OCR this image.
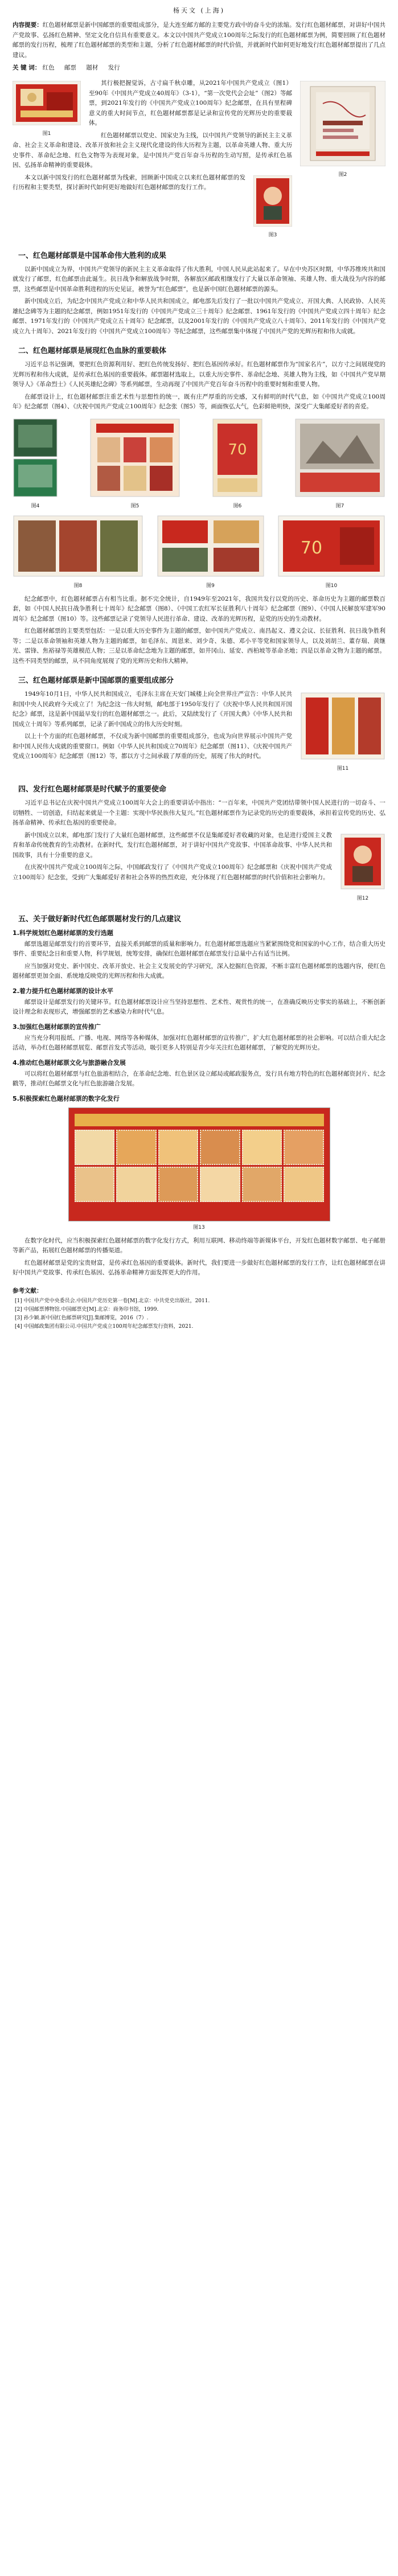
杨天文 (上海)

内容提要：红色题材邮票是新中国邮票的重要组成部分，是大连至邮方邮的主要党方政中的奋斗史的浓缩。发行红色题材邮票，对讲好中国共产党故事、弘扬红色精神、坚定文化自信具有重要意义。本文以中国共产党成立100周年之际发行的红色题材邮票为例，简要回顾了红色题材邮票的发行历程，梳理了红色题材邮票的类型和主题，分析了红色题材邮票的时代价值，并就新时代如何更好地发行红色题材邮票提出了几点建议。

关 键 词： 红色 邮票 题材 发行
图1
图2

其行极把握觉诉，古寸扁千秋卓雕，从2021年中国共产党成立（图1）至90年《中国共产党成立40周年》（3-1），“第一次党代会会址”（图2）等邮票，到2021年发行的《中国共产党成立100周年》纪念邮票，在具有里程碑意义的重大时间节点，红色题材邮票都是记录和宣传党的光辉历史的重要载体。

红色题材邮票以党史、国家史为主线，以中国共产党领导的新民主主义革命、社会主义革命和建设、改革开放和社会主义现代化建设的伟大历程为主题，以革命英雄人物、重大历史事件、革命纪念地、红色文物等为表现对象，是中国共产党百年奋斗历程的生动写照，是传承红色基因、弘扬革命精神的重要载体。

图3

本文以新中国发行的红色题材邮票为线索，回顾新中国成立以来红色题材邮票的发行历程和主要类型，探讨新时代如何更好地做好红色题材邮票的发行工作。

一、红色题材邮票是中国革命伟大胜利的成果

以新中国成立为界，中国共产党领导的新民主主义革命取得了伟大胜利，中国人民从此站起来了。早在中央苏区时期，中华苏维埃共和国就发行了邮票，红色邮票由此诞生。抗日战争和解放战争时期，各解放区邮政相继发行了大量以革命领袖、英雄人物、重大战役为内容的邮票，这些邮票是中国革命胜利进程的历史见证，被誉为“红色邮票”，也是新中国红色题材邮票的源头。

新中国成立后，为纪念中国共产党成立和中华人民共和国成立，邮电部先后发行了一批以中国共产党成立、开国大典、人民政协、人民英雄纪念碑等为主题的纪念邮票，例如1951年发行的《中国共产党成立三十周年》纪念邮票、1961年发行的《中国共产党成立四十周年》纪念邮票、1971年发行的《中国共产党成立五十周年》纪念邮票，以及2001年发行的《中国共产党成立八十周年》、2011年发行的《中国共产党成立九十周年》、2021年发行的《中国共产党成立100周年》等纪念邮票，这些邮票集中体现了中国共产党的光辉历程和伟大成就。

二、红色题材邮票是展现红色血脉的重要载体

习近平总书记强调，要把红色资源利用好、把红色传统发扬好、把红色基因传承好。红色题材邮票作为“国家名片”，以方寸之间展现党的光辉历程和伟大成就，是传承红色基因的重要载体。邮票题材选取上，以重大历史事件、革命纪念地、英雄人物为主线，如《中国共产党早期领导人》《革命烈士》《人民英雄纪念碑》等系列邮票，生动再现了中国共产党百年奋斗历程中的重要时刻和重要人物。

在邮票设计上，红色题材邮票注重艺术性与思想性的统一，既有庄严厚重的历史感，又有鲜明的时代气息，如《中国共产党成立100周年》纪念邮票（图4）、《庆祝中国共产党成立100周年》纪念张（图5）等，画面恢弘大气，色彩鲜艳明快，深受广大集邮爱好者的喜爱。

图4	图5
70
图6	图7
图8	图9
70
图10

纪念邮票中，红色题材邮票占有相当比重。据不完全统计，自1949年至2021年，我国共发行以党的历史、革命历史为主题的邮票数百套，如《中国人民抗日战争胜利七十周年》纪念邮票（图8）、《中国工农红军长征胜利八十周年》纪念邮票（图9）、《中国人民解放军建军90周年》纪念邮票（图10）等。这些邮票记录了党领导人民进行革命、建设、改革的光辉历程，是党的历史的生动教材。

红色题材邮票的主要类型包括：一是以重大历史事件为主题的邮票，如中国共产党成立、南昌起义、遵义会议、长征胜利、抗日战争胜利等；二是以革命领袖和英雄人物为主题的邮票，如毛泽东、周恩来、刘少奇、朱德、邓小平等党和国家领导人，以及刘胡兰、董存瑞、黄继光、雷锋、焦裕禄等英雄模范人物；三是以革命纪念地为主题的邮票，如井冈山、延安、西柏坡等革命圣地；四是以革命文物为主题的邮票。这些不同类型的邮票，从不同角度展现了党的光辉历史和伟大精神。

三、红色题材邮票是新中国邮票的重要组成部分
图11

1949年10月1日，中华人民共和国成立，毛泽东主席在天安门城楼上向全世界庄严宣告：中华人民共和国中央人民政府今天成立了！为纪念这一伟大时刻，邮电部于1950年发行了《庆祝中华人民共和国开国纪念》邮票，这是新中国最早发行的红色题材邮票之一。此后，又陆续发行了《开国大典》《中华人民共和国成立十周年》等系列邮票，记录了新中国成立的伟大历史时刻。

以上十个方面的红色题材邮票，不仅成为新中国邮票的重要组成部分，也成为向世界展示中国共产党和中国人民伟大成就的重要窗口。例如《中华人民共和国成立70周年》纪念邮票（图11）、《庆祝中国共产党成立100周年》纪念邮票（图12）等，都以方寸之间承载了厚重的历史，展现了伟大的时代。

四、发行红色题材邮票是时代赋予的重要使命

习近平总书记在庆祝中国共产党成立100周年大会上的重要讲话中指出：“一百年来，中国共产党团结带领中国人民进行的一切奋斗、一切牺牲、一切创造，归结起来就是一个主题：实现中华民族伟大复兴。”红色题材邮票作为记录党的历史的重要载体，承担着宣传党的历史、弘扬革命精神、传承红色基因的重要使命。

图12

新中国成立以来，邮电部门发行了大量红色题材邮票，这些邮票不仅是集邮爱好者收藏的对象，也是进行爱国主义教育和革命传统教育的生动教材。在新时代，发行红色题材邮票，对于讲好中国共产党故事、中国革命故事、中华人民共和国故事，具有十分重要的意义。

在庆祝中国共产党成立100周年之际，中国邮政发行了《中国共产党成立100周年》纪念邮票和《庆祝中国共产党成立100周年》纪念张，受到广大集邮爱好者和社会各界的热烈欢迎，充分体现了红色题材邮票的时代价值和社会影响力。

五、关于做好新时代红色邮票题材发行的几点建议
1.科学规划红色题材邮票的发行选题

邮票选题是邮票发行的首要环节，直接关系到邮票的质量和影响力。红色题材邮票选题应当紧紧围绕党和国家的中心工作，结合重大历史事件、重要纪念日和重要人物，科学规划，统筹安排，确保红色题材邮票在邮票发行总量中占有适当比例。

应当加强对党史、新中国史、改革开放史、社会主义发展史的学习研究，深入挖掘红色资源，不断丰富红色题材邮票的选题内容，使红色题材邮票更加全面、系统地反映党的光辉历程和伟大成就。

2.着力提升红色题材邮票的设计水平

邮票设计是邮票发行的关键环节。红色题材邮票设计应当坚持思想性、艺术性、观赏性的统一，在准确反映历史事实的基础上，不断创新设计理念和表现形式，增强邮票的艺术感染力和时代气息。

3.加强红色题材邮票的宣传推广

应当充分利用报纸、广播、电视、网络等各种媒体，加强对红色题材邮票的宣传推广，扩大红色题材邮票的社会影响。可以结合重大纪念活动，举办红色题材邮票展览、邮票首发式等活动，吸引更多人特别是青少年关注红色题材邮票，了解党的光辉历史。

4.推动红色题材邮票文化与旅游融合发展

可以将红色题材邮票与红色旅游相结合，在革命纪念地、红色景区设立邮局或邮政服务点，发行具有地方特色的红色题材邮资封片、纪念戳等，推动红色邮票文化与红色旅游融合发展。

5.积极探索红色题材邮票的数字化发行
图13

在数字化时代，应当积极探索红色题材邮票的数字化发行方式，利用互联网、移动终端等新媒体平台，开发红色题材数字邮票、电子邮册等新产品，拓展红色题材邮票的传播渠道。

红色题材邮票是党的宝贵财富，是传承红色基因的重要载体。新时代，我们要进一步做好红色题材邮票的发行工作，让红色题材邮票在讲好中国共产党故事、传承红色基因、弘扬革命精神方面发挥更大的作用。

参考文献：
[1] 中国共产党中央委员会.中国共产党历史第一卷[M].北京：中共党史出版社，2011.
[2] 中国邮票博物馆.中国邮票史[M].北京：商务印书馆，1999.
[3] 孙少颖.新中国红色邮票研究[J].集邮博览，2016（7）.
[4] 中国邮政集团有限公司.中国共产党成立100周年纪念邮票发行资料，2021.
